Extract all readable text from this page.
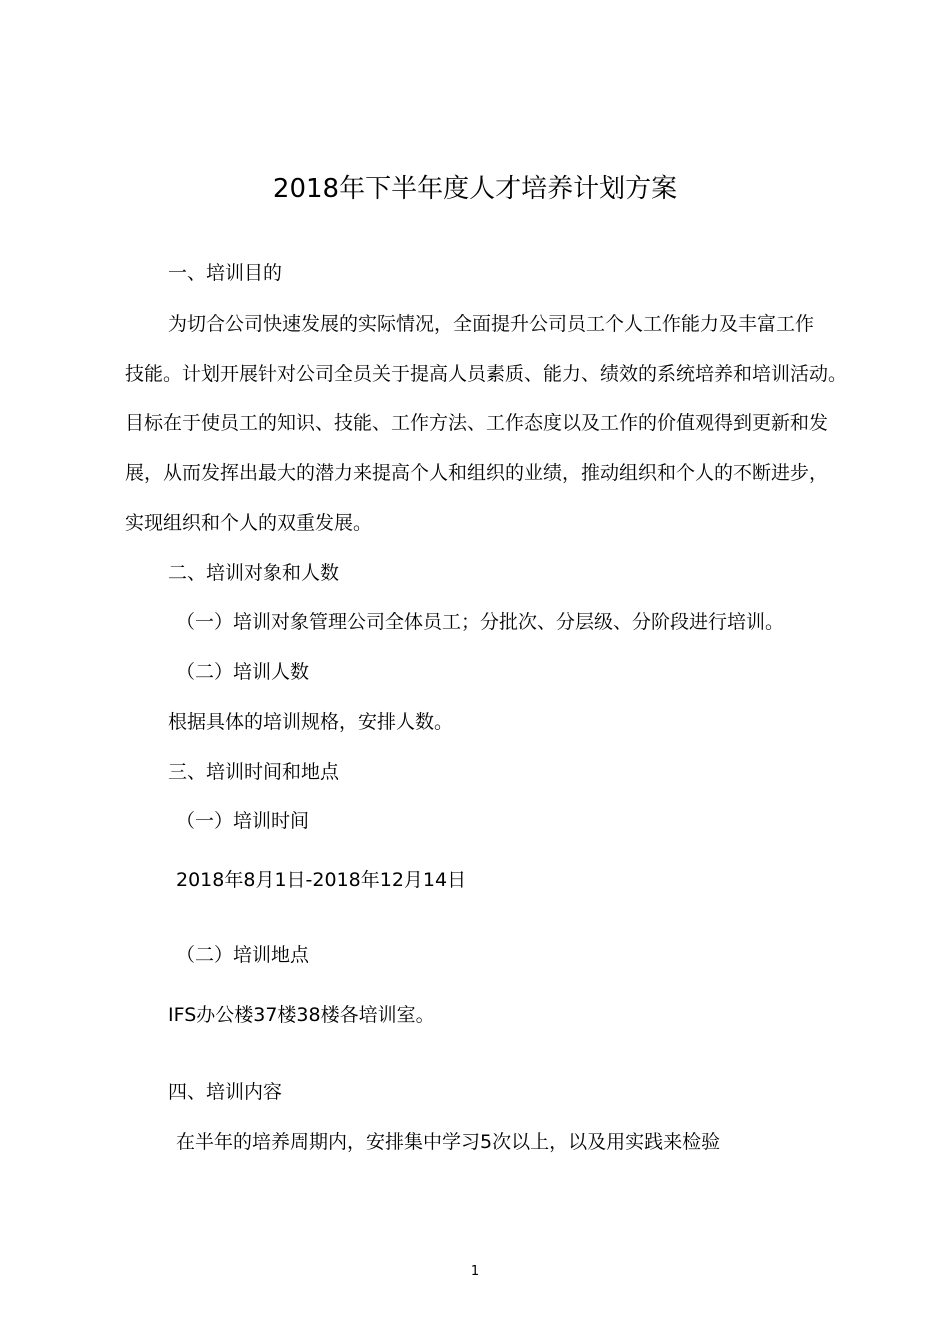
2018年下半年度人才培养计划方案
一、培训目的
为切合公司快速发展的实际情况，全面提升公司员工个人工作能力及丰富工作
技能。计划开展针对公司全员关于提高人员素质、能力、绩效的系统培养和培训活动。
目标在于使员工的知识、技能、工作方法、工作态度以及工作的价值观得到更新和发
展，从而发挥出最大的潜力来提高个人和组织的业绩，推动组织和个人的不断进步，
实现组织和个人的双重发展。
二、培训对象和人数
（一）培训对象管理公司全体员工；分批次、分层级、分阶段进行培训。
（二）培训人数
根据具体的培训规格，安排人数。
三、培训时间和地点
（一）培训时间
2018年8月1日-2018年12月14日
（二）培训地点
IFS办公楼37楼38楼各培训室。
四、培训内容
在半年的培养周期内，安排集中学习5次以上，以及用实践来检验
1
